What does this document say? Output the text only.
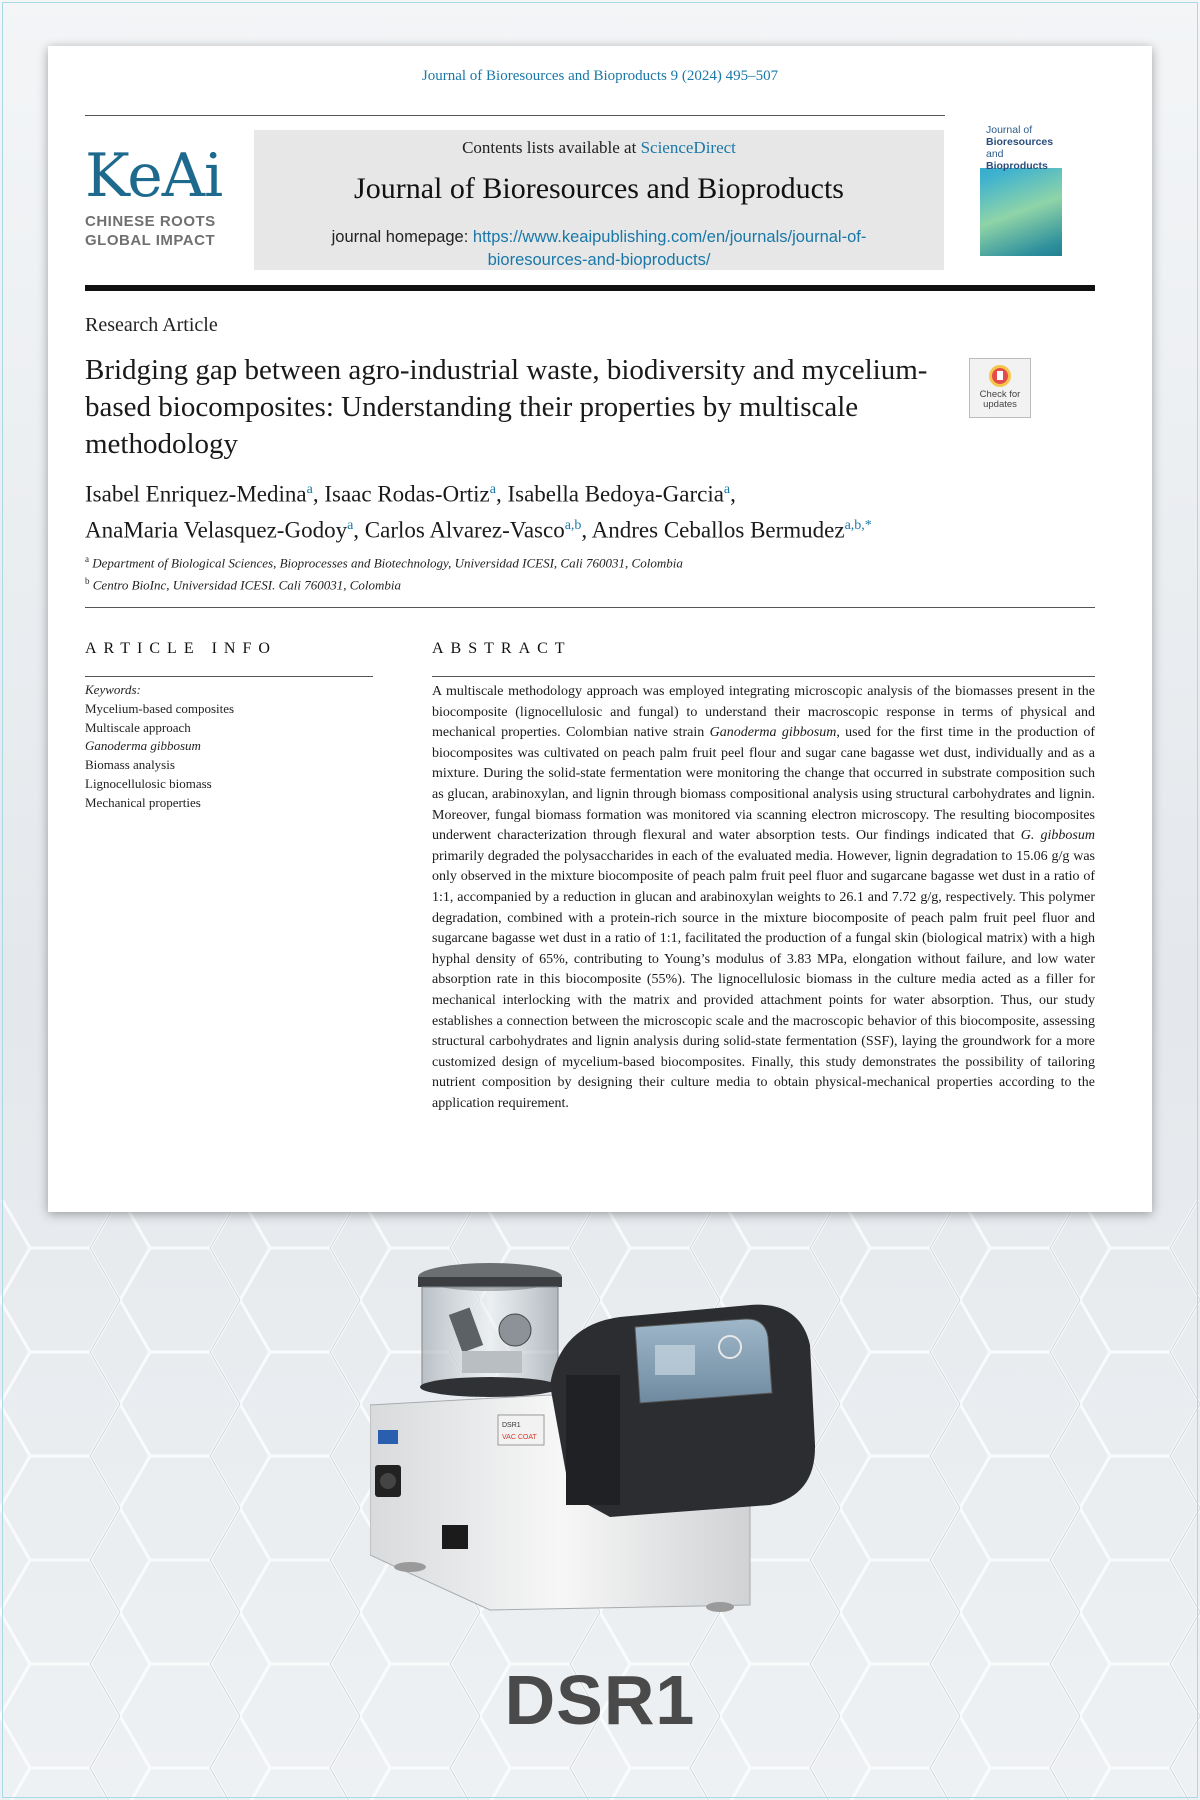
Journal of Bioresources and Bioproducts 9 (2024) 495–507
KeAi
CHINESE ROOTS
GLOBAL IMPACT
Contents lists available at ScienceDirect
Journal of Bioresources and Bioproducts
journal homepage: https://www.keaipublishing.com/en/journals/journal-of-
bioresources-and-bioproducts/
Journal of
Bioresources and
Bioproducts
Research Article
Bridging gap between agro-industrial waste, biodiversity and mycelium-based biocomposites: Understanding their properties by multiscale methodology
Check for updates
Isabel Enriquez-Medina$^a$, Isaac Rodas-Ortiz$^a$, Isabella Bedoya-Garcia$^a$,
AnaMaria Velasquez-Godoy$^a$, Carlos Alvarez-Vasco$^{a,b}$, Andres Ceballos Bermudez$^{a,b,*}$
$^a$ Department of Biological Sciences, Bioprocesses and Biotechnology, Universidad ICESI, Cali 760031, Colombia
$^b$ Centro BioInc, Universidad ICESI. Cali 760031, Colombia
ARTICLE INFO
Keywords:
Mycelium-based composites
Multiscale approach
Ganoderma gibbosum
Biomass analysis
Lignocellulosic biomass
Mechanical properties
ABSTRACT

A multiscale methodology approach was employed integrating microscopic analysis of the biomasses present in the biocomposite (lignocellulosic and fungal) to understand their macroscopic response in terms of physical and mechanical properties. Colombian native strain Ganoderma gibbosum, used for the first time in the production of biocomposites was cultivated on peach palm fruit peel flour and sugar cane bagasse wet dust, individually and as a mixture. During the solid-state fermentation were monitoring the change that occurred in substrate composition such as glucan, arabinoxylan, and lignin through biomass compositional analysis using structural carbohydrates and lignin. Moreover, fungal biomass formation was monitored via scanning electron microscopy. The resulting biocomposites underwent characterization through flexural and water absorption tests. Our findings indicated that G. gibbosum primarily degraded the polysaccharides in each of the evaluated media. However, lignin degradation to 15.06 g/g was only observed in the mixture biocomposite of peach palm fruit peel fluor and sugarcane bagasse wet dust in a ratio of 1:1, accompanied by a reduction in glucan and arabinoxylan weights to 26.1 and 7.72 g/g, respectively. This polymer degradation, combined with a protein-rich source in the mixture biocomposite of peach palm fruit peel fluor and sugarcane bagasse wet dust in a ratio of 1:1, facilitated the production of a fungal skin (biological matrix) with a high hyphal density of 65%, contributing to Young’s modulus of 3.83 MPa, elongation without failure, and low water absorption rate in this biocomposite (55%). The lignocellulosic biomass in the culture media acted as a filler for mechanical interlocking with the matrix and provided attachment points for water absorption. Thus, our study establishes a connection between the microscopic scale and the macroscopic behavior of this biocomposite, assessing structural carbohydrates and lignin analysis during solid-state fermentation (SSF), laying the groundwork for a more customized design of mycelium-based biocomposites. Finally, this study demonstrates the possibility of tailoring nutrient composition by designing their culture media to obtain physical-mechanical properties according to the application requirement.

DSR1
VAC COAT
DSR1
